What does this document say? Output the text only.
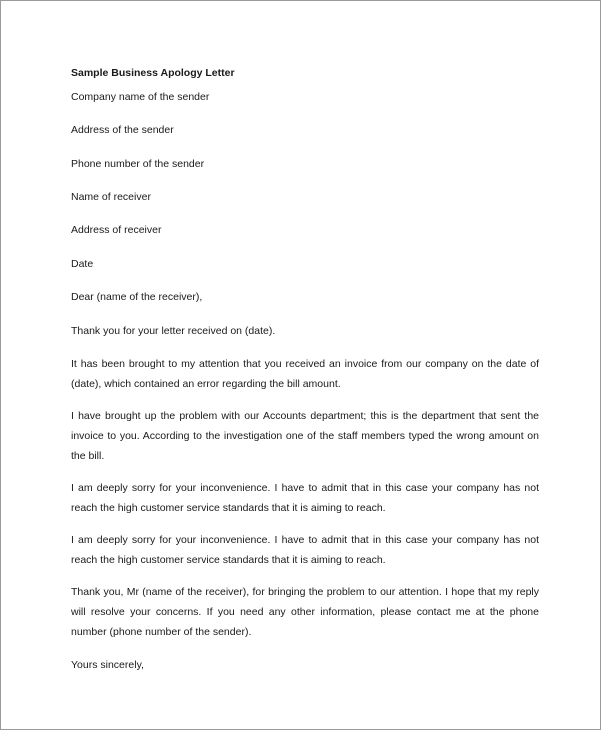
Sample Business Apology Letter
Company name of the sender
Address of the sender
Phone number of the sender
Name of receiver
Address of receiver
Date
Dear (name of the receiver),
Thank you for your letter received on (date).
It has been brought to my attention that you received an invoice from our company on the date of (date), which contained an error regarding the bill amount.
I have brought up the problem with our Accounts department; this is the department that sent the invoice to you. According to the investigation one of the staff members typed the wrong amount on the bill.
I am deeply sorry for your inconvenience. I have to admit that in this case your company has not reach the high customer service standards that it is aiming to reach.
I am deeply sorry for your inconvenience. I have to admit that in this case your company has not reach the high customer service standards that it is aiming to reach.
Thank you, Mr (name of the receiver), for bringing the problem to our attention. I hope that my reply will resolve your concerns. If you need any other information, please contact me at the phone number (phone number of the sender).
Yours sincerely,
